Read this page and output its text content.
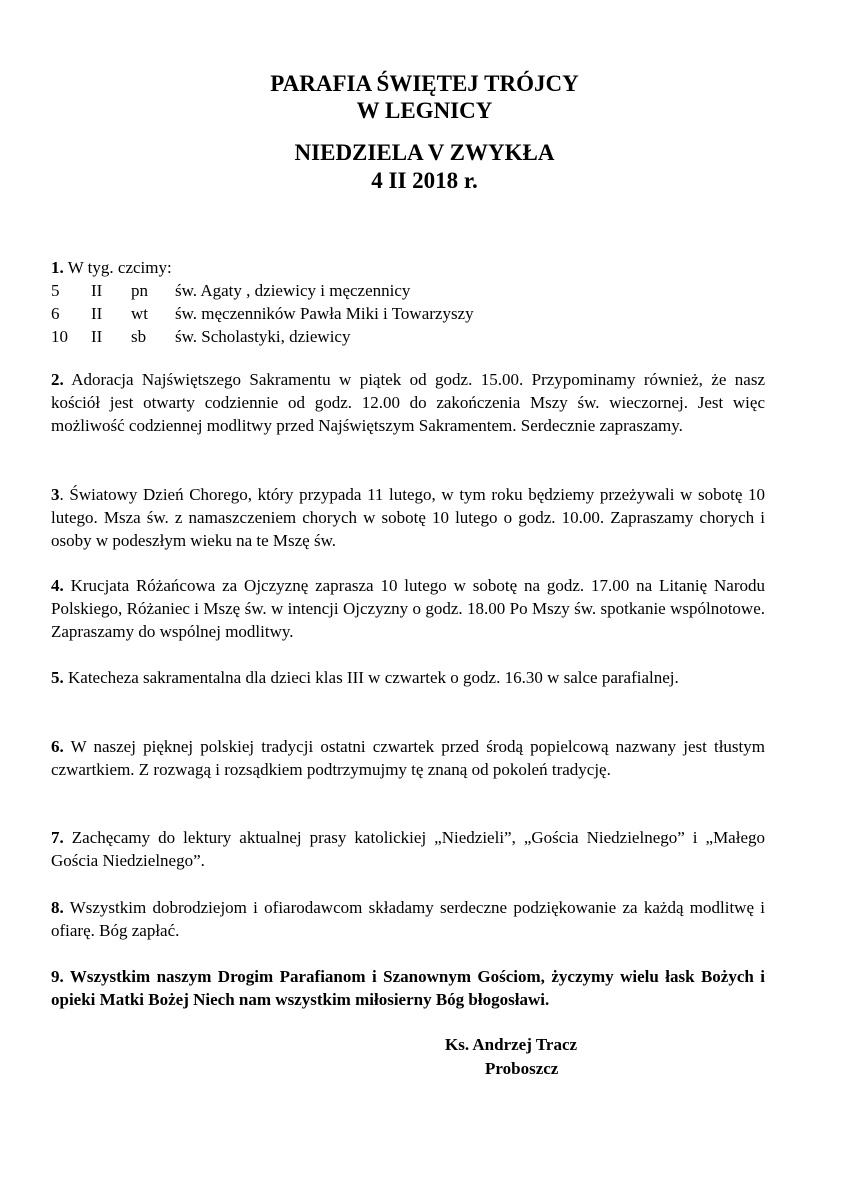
PARAFIA ŚWIĘTEJ TRÓJCY
W LEGNICY
NIEDZIELA V ZWYKŁA
4 II 2018 r.
1. W tyg. czcimy:
5 II pn św. Agaty , dziewicy i męczennicy
6 II wt św. męczenników Pawła Miki i Towarzyszy
10 II sb św. Scholastyki, dziewicy
2. Adoracja Najświętszego Sakramentu w piątek od godz. 15.00. Przypominamy również, że nasz kościół jest otwarty codziennie od godz. 12.00 do zakończenia Mszy św. wieczornej. Jest więc możliwość codziennej modlitwy przed Najświętszym Sakramentem. Serdecznie zapraszamy.
3. Światowy Dzień Chorego, który przypada 11 lutego, w tym roku będziemy przeżywali w sobotę 10 lutego. Msza św. z namaszczeniem chorych w sobotę 10 lutego o godz. 10.00. Zapraszamy chorych i osoby w podeszłym wieku na te Mszę św.
4. Krucjata Różańcowa za Ojczyznę zaprasza 10 lutego w sobotę na godz. 17.00 na Litanię Narodu Polskiego, Różaniec i Mszę św. w intencji Ojczyzny o godz. 18.00 Po Mszy św. spotkanie wspólnotowe. Zapraszamy do wspólnej modlitwy.
5. Katecheza sakramentalna dla dzieci klas III w czwartek o godz. 16.30 w salce parafialnej.
6. W naszej pięknej polskiej tradycji ostatni czwartek przed środą popielcową nazwany jest tłustym czwartkiem. Z rozwagą i rozsądkiem podtrzymujmy tę znaną od pokoleń tradycję.
7. Zachęcamy do lektury aktualnej prasy katolickiej „Niedzieli”, „Gościa Niedzielnego” i „Małego Gościa Niedzielnego”.
8. Wszystkim dobrodziejom i ofiarodawcom składamy serdeczne podziękowanie za każdą modlitwę i ofiarę. Bóg zapłać.
9. Wszystkim naszym Drogim Parafianom i Szanownym Gościom, życzymy wielu łask Bożych i opieki Matki Bożej Niech nam wszystkim miłosierny Bóg błogosławi.
Ks. Andrzej Tracz
Proboszcz
